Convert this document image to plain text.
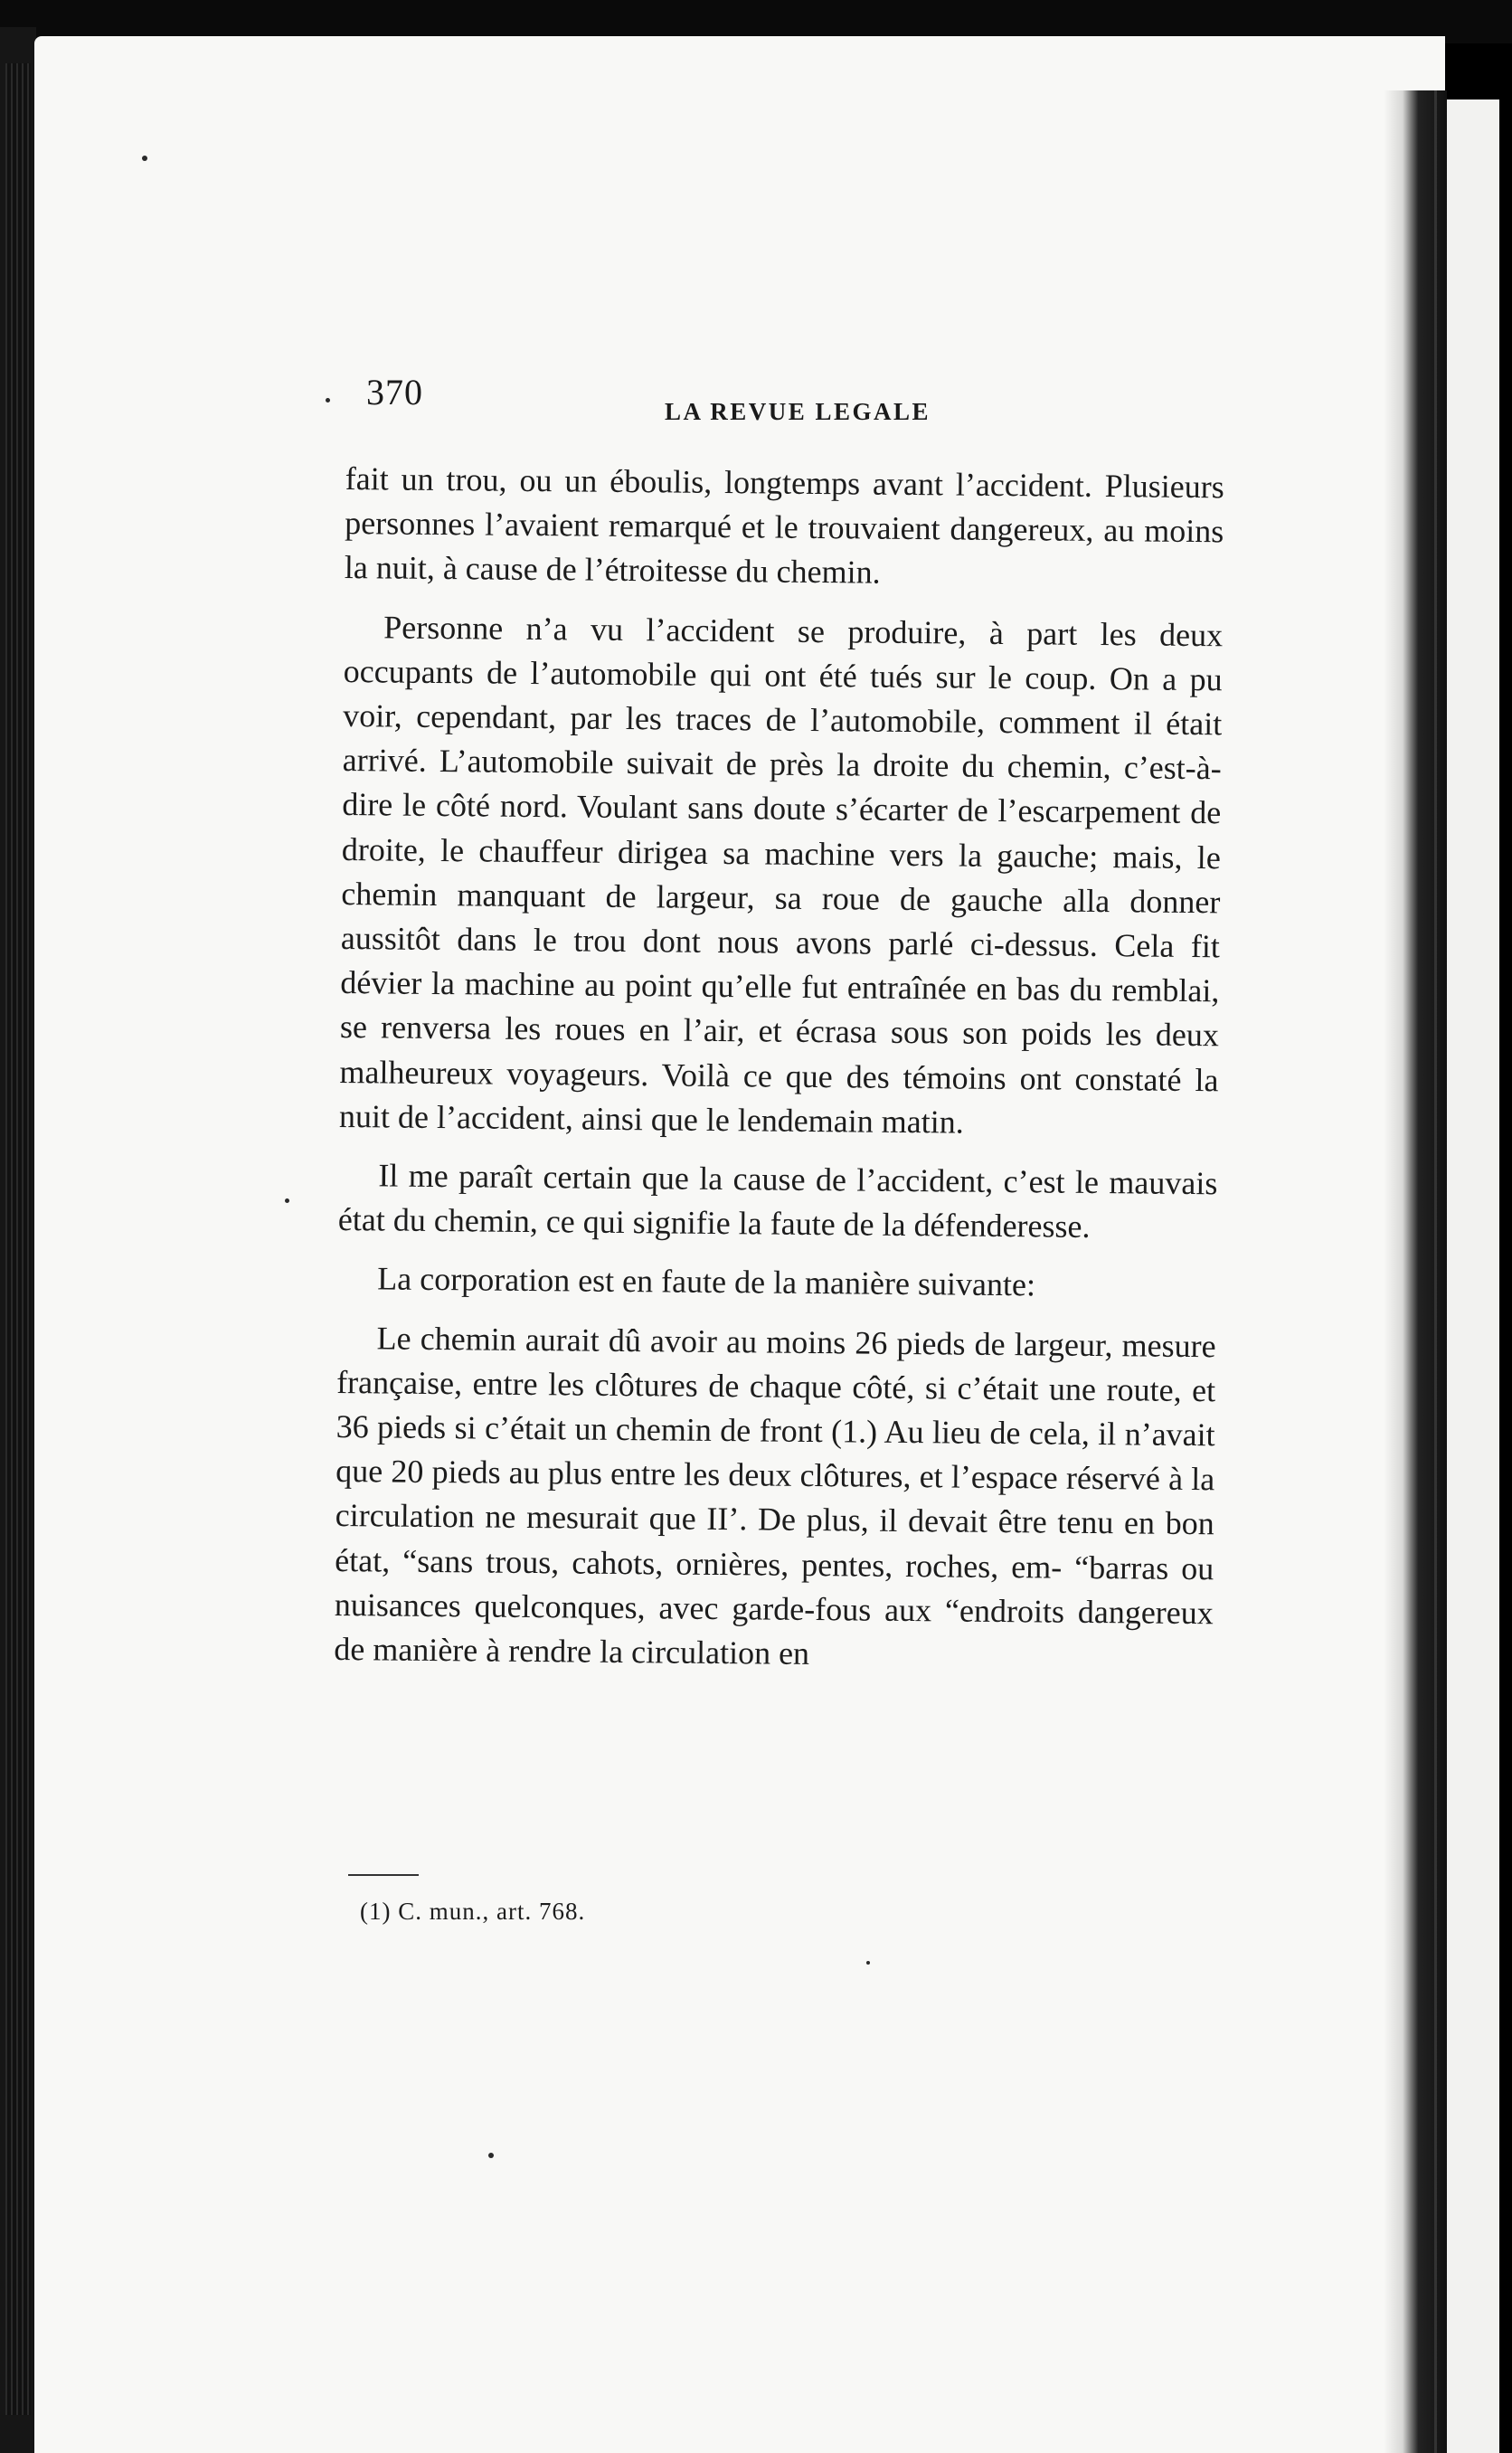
370	LA REVUE LEGALE

fait un trou, ou un éboulis, longtemps avant l’accident. Plusieurs personnes l’avaient remarqué et le trouvaient dangereux, au moins la nuit, à cause de l’étroitesse du chemin.

Personne n’a vu l’accident se produire, à part les deux occupants de l’automobile qui ont été tués sur le coup. On a pu voir, cependant, par les traces de l’automobile, comment il était arrivé. L’automobile suivait de près la droite du chemin, c’est-à-dire le côté nord. Voulant sans doute s’écarter de l’escarpement de droite, le chauffeur dirigea sa machine vers la gauche; mais, le chemin manquant de largeur, sa roue de gauche alla donner aussitôt dans le trou dont nous avons parlé ci-dessus. Cela fit dévier la machine au point qu’elle fut entraînée en bas du remblai, se renversa les roues en l’air, et écrasa sous son poids les deux malheureux voyageurs. Voilà ce que des témoins ont constaté la nuit de l’accident, ainsi que le lendemain matin.

Il me paraît certain que la cause de l’accident, c’est le mauvais état du chemin, ce qui signifie la faute de la défenderesse.

La corporation est en faute de la manière suivante:

Le chemin aurait dû avoir au moins 26 pieds de largeur, mesure française, entre les clôtures de chaque côté, si c’était une route, et 36 pieds si c’était un chemin de front (1.) Au lieu de cela, il n’avait que 20 pieds au plus entre les deux clôtures, et l’espace réservé à la circulation ne mesurait que II’. De plus, il devait être tenu en bon état, “sans trous, cahots, ornières, pentes, roches, em- “barras ou nuisances quelconques, avec garde-fous aux “endroits dangereux de manière à rendre la circulation en

(1) C. mun., art. 768.
